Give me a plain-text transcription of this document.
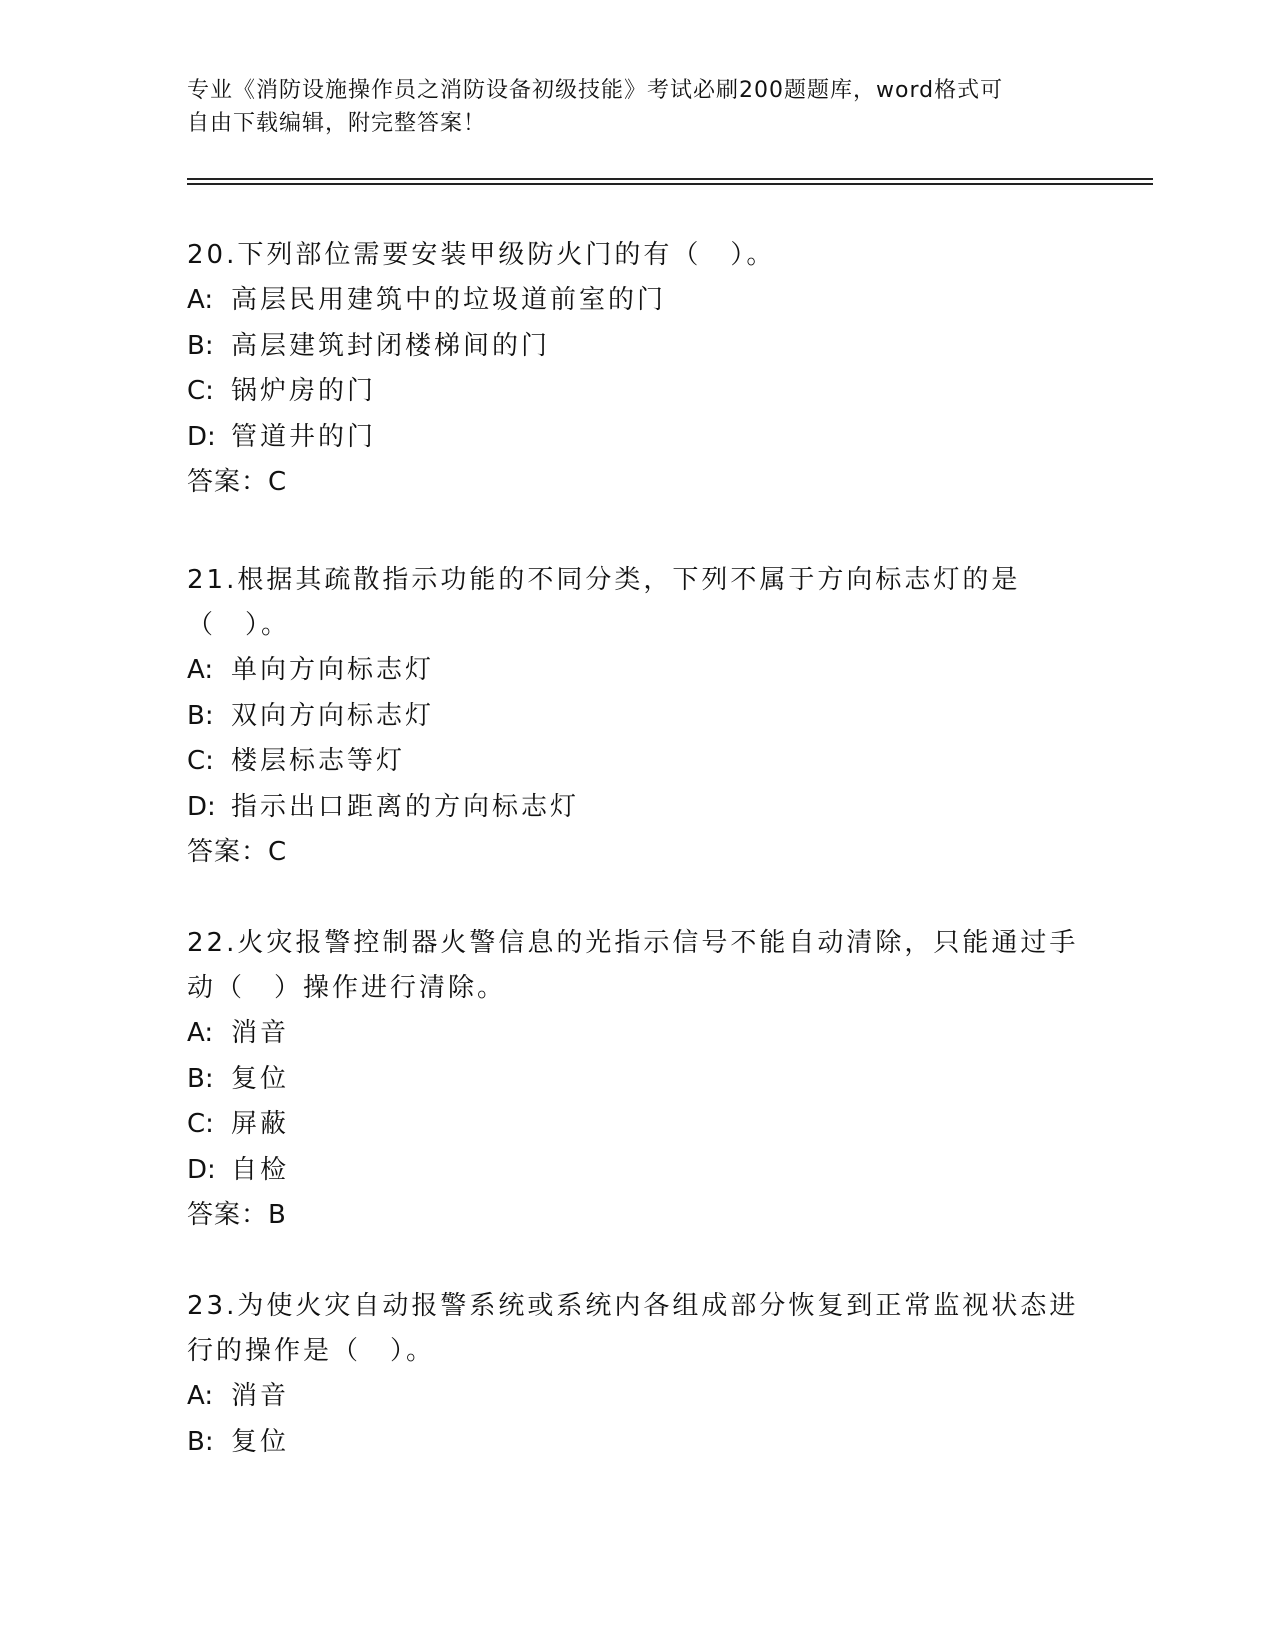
专业《消防设施操作员之消防设备初级技能》考试必刷200题题库，word格式可
自由下载编辑，附完整答案！

20.下列部位需要安装甲级防火门的有（　）。

A: 高层民用建筑中的垃圾道前室的门

B: 高层建筑封闭楼梯间的门

C: 锅炉房的门

D: 管道井的门

答案：C

21.根据其疏散指示功能的不同分类，下列不属于方向标志灯的是（　）。

A: 单向方向标志灯

B: 双向方向标志灯

C: 楼层标志等灯

D: 指示出口距离的方向标志灯

答案：C

22.火灾报警控制器火警信息的光指示信号不能自动清除，只能通过手动（　）操作进行清除。

A: 消音

B: 复位

C: 屏蔽

D: 自检

答案：B

23.为使火灾自动报警系统或系统内各组成部分恢复到正常监视状态进行的操作是（　）。

A: 消音

B: 复位
